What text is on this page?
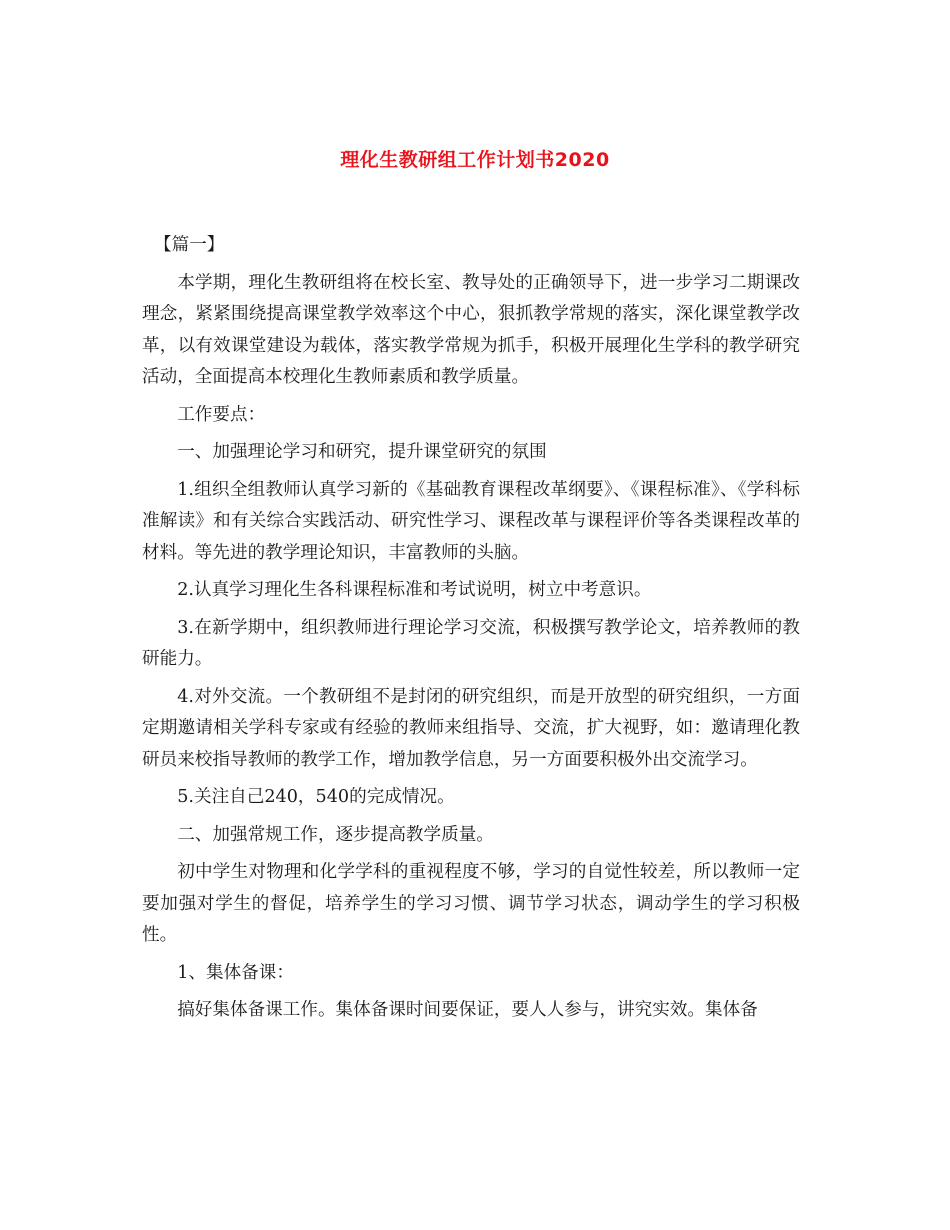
理化生教研组工作计划书2020

【篇一】

本学期，理化生教研组将在校长室、教导处的正确领导下，进一步学习二期课改理念，紧紧围绕提高课堂教学效率这个中心，狠抓教学常规的落实，深化课堂教学改革，以有效课堂建设为载体，落实教学常规为抓手，积极开展理化生学科的教学研究活动，全面提高本校理化生教师素质和教学质量。

工作要点：

一、加强理论学习和研究，提升课堂研究的氛围

1.组织全组教师认真学习新的《基础教育课程改革纲要》、《课程标准》、《学科标准解读》和有关综合实践活动、研究性学习、课程改革与课程评价等各类课程改革的材料。等先进的教学理论知识，丰富教师的头脑。

2.认真学习理化生各科课程标准和考试说明，树立中考意识。

3.在新学期中，组织教师进行理论学习交流，积极撰写教学论文，培养教师的教研能力。

4.对外交流。一个教研组不是封闭的研究组织，而是开放型的研究组织，一方面定期邀请相关学科专家或有经验的教师来组指导、交流，扩大视野，如：邀请理化教研员来校指导教师的教学工作，增加教学信息，另一方面要积极外出交流学习。

5.关注自己240，540的完成情况。

二、加强常规工作，逐步提高教学质量。

初中学生对物理和化学学科的重视程度不够，学习的自觉性较差，所以教师一定要加强对学生的督促，培养学生的学习习惯、调节学习状态，调动学生的学习积极性。

1、集体备课：

搞好集体备课工作。集体备课时间要保证，要人人参与，讲究实效。集体备
